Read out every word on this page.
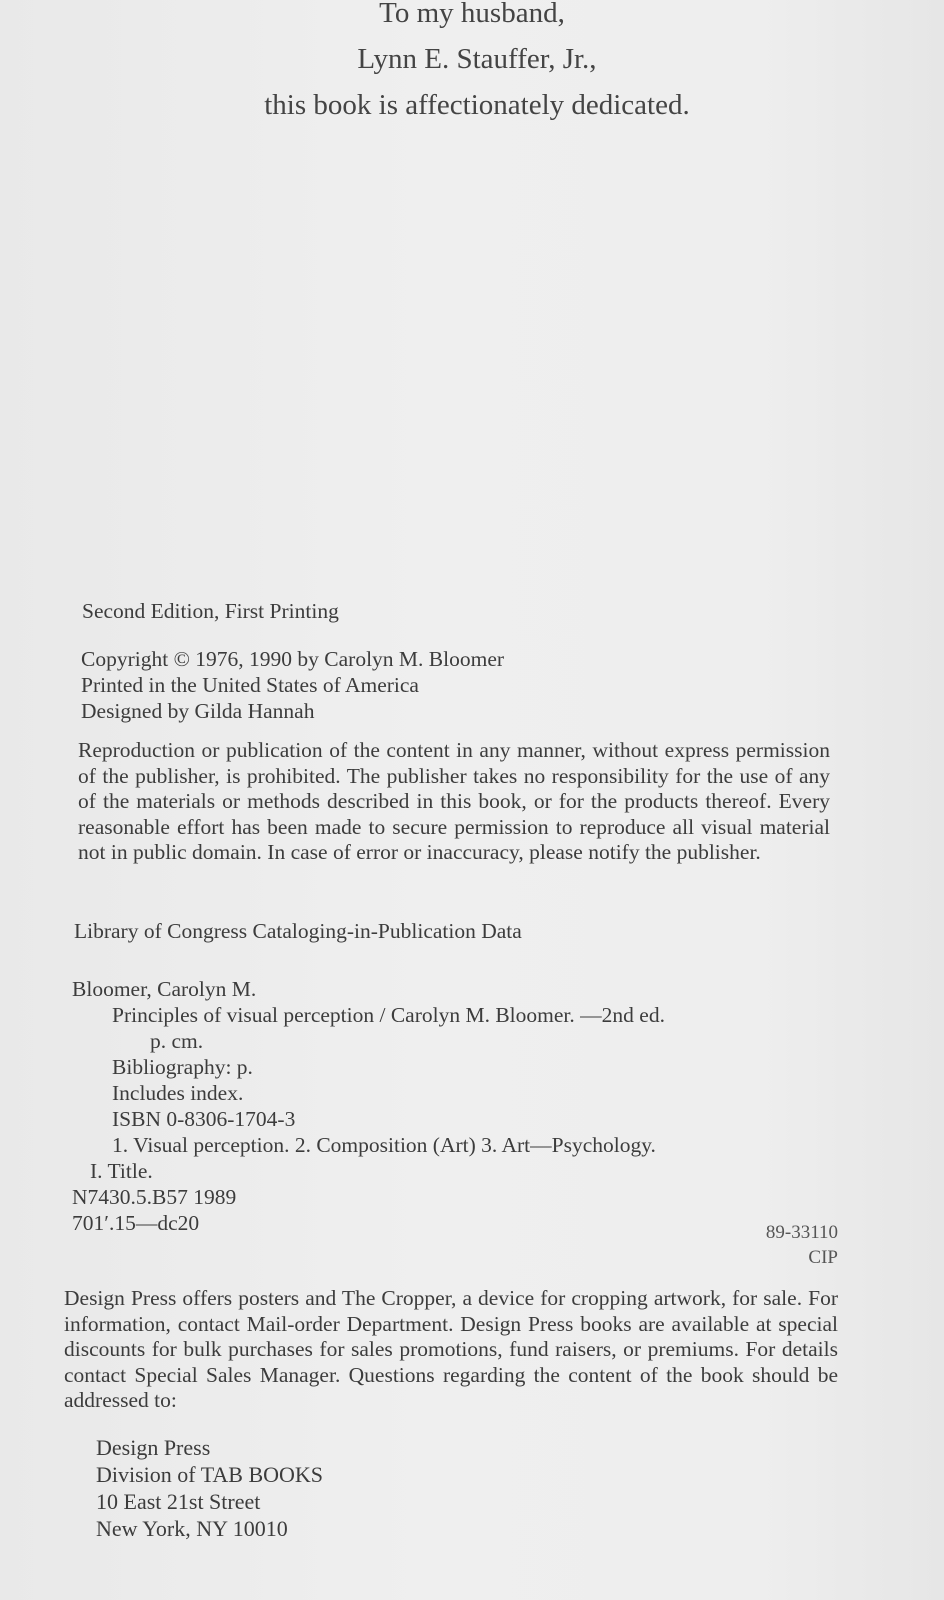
To my husband,
Lynn E. Stauffer, Jr.,
this book is affectionately dedicated.
Second Edition, First Printing
Copyright © 1976, 1990 by Carolyn M. Bloomer
Printed in the United States of America
Designed by Gilda Hannah
Reproduction or publication of the content in any manner, without express permission of the publisher, is prohibited. The publisher takes no responsibility for the use of any of the materials or methods described in this book, or for the products thereof. Every reasonable effort has been made to secure permission to reproduce all visual material not in public domain. In case of error or inaccuracy, please notify the publisher.
Library of Congress Cataloging-in-Publication Data
Bloomer, Carolyn M.
Principles of visual perception / Carolyn M. Bloomer. —2nd ed.
p. cm.
Bibliography: p.
Includes index.
ISBN 0-8306-1704-3
1. Visual perception. 2. Composition (Art) 3. Art—Psychology.
I. Title.
N7430.5.B57 1989
701′.15—dc20	89-33110
CIP
Design Press offers posters and The Cropper, a device for cropping artwork, for sale. For information, contact Mail-order Department. Design Press books are available at special discounts for bulk purchases for sales promotions, fund raisers, or premiums. For details contact Special Sales Manager. Questions regarding the content of the book should be addressed to:
Design Press
Division of TAB BOOKS
10 East 21st Street
New York, NY 10010
